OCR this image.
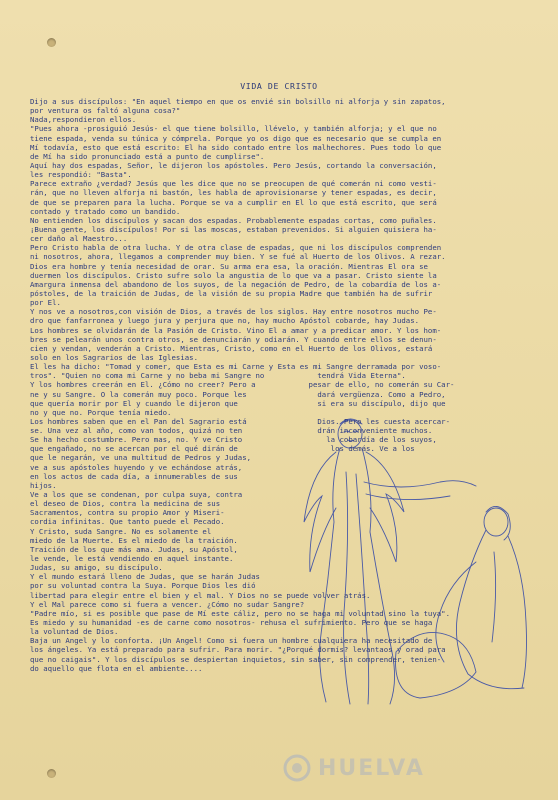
VIDA DE CRISTO
Dijo a sus discípulos: "En aquel tiempo en que os envié sin bolsillo ni alforja y sin zapatos,
por ventura os faltó alguna cosa?"
Nada,respondieron ellos.
"Pues ahora -prosiguió Jesús- el que tiene bolsillo, llévelo, y también alforja; y el que no
tiene espada, venda su túnica y cómprela. Porque yo os digo que es necesario que se cumpla en
Mí todavía, esto que está escrito: El ha sido contado entre los malhechores. Pues todo lo que
de Mí ha sido pronunciado está a punto de cumplirse".
Aquí hay dos espadas, Señor, le dijeron los apóstoles. Pero Jesús, cortando la conversación,
les respondió: "Basta".
Parece extraño ¿verdad? Jesús que les dice que no se preocupen de qué comerán ni como vesti-
rán, que no lleven alforja ni bastón, les habla de aprovisionarse y tener espadas, es decir,
de que se preparen para la lucha. Porque se va a cumplir en El lo que está escrito, que será
contado y tratado como un bandido.
No entienden los discípulos y sacan dos espadas. Probablemente espadas cortas, como puñales.
¡Buena gente, los discípulos! Por si las moscas, estaban prevenidos. Si alguien quisiera ha-
cer daño al Maestro...
Pero Cristo habla de otra lucha. Y de otra clase de espadas, que ni los discípulos comprenden
ni nosotros, ahora, llegamos a comprender muy bien. Y se fué al Huerto de los Olivos. A rezar.
Dios era hombre y tenía necesidad de orar. Su arma era esa, la oración. Mientras El ora se
duermen los discípulos. Cristo sufre solo la angustia de lo que va a pasar. Cristo siente la
Amargura inmensa del abandono de los suyos, de la negación de Pedro, de la cobardía de los a-
póstoles, de la traición de Judas, de la visión de su propia Madre que también ha de sufrir
por El.
Y nos ve a nosotros,con visión de Dios, a través de los siglos. Hay entre nosotros mucho Pe-
dro que fanfarronea y luego jura y perjura que no, hay mucho Apóstol cobarde, hay Judas.
Los hombres se olvidarán de la Pasión de Cristo. Vino El a amar y a predicar amor. Y los hom-
bres se pelearán unos contra otros, se denunciarán y odiarán. Y cuando entre ellos se denun-
cien y vendan, venderán a Cristo. Mientras, Cristo, como en el Huerto de los Olivos, estará
solo en los Sagrarios de las Iglesias.
El les ha dicho: "Tomad y comer, que Esta es mi Carne y Esta es mi Sangre derramada por voso-
tros". "Quien no coma mi Carne y no beba mi Sangre no            tendrá Vida Eterna".
Y los hombres creerán en El. ¿Cómo no creer? Pero a            pesar de ello, no comerán su Car-
ne y su Sangre. O la comerán muy poco. Porque les                dará vergüenza. Como a Pedro,
que quería morir por El y cuando le dijeron que                  si era su discípulo, dijo que
no y que no. Porque tenía miedo.
Los hombres saben que en el Pan del Sagrario está                Dios. Pero les cuesta acercar-
se. Una vez al año, como van todos, quizá no ten                 drán inconveniente muchos.
Se ha hecho costumbre. Pero mas, no. Y ve Cristo                   la cobardía de los suyos,
que engañado, no se acercan por el qué dirán de                     los demás. Ve a los
que le negarán, ve una multitud de Pedros y Judas,
ve a sus apóstoles huyendo y ve echándose atrás,
en los actos de cada día, a innumerables de sus
hijos.
Ve a los que se condenan, por culpa suya, contra
el deseo de Dios, contra la medicina de sus
Sacramentos, contra su propio Amor y Miseri-
cordia infinitas. Que tanto puede el Pecado.
Y Cristo, suda Sangre. No es solamente el
miedo de la Muerte. Es el miedo de la traición.
Traición de los que más ama. Judas, su Apóstol,
le vende, le está vendiendo en aquel instante.
Judas, su amigo, su discípulo.
Y el mundo estará lleno de Judas, que se harán Judas
por su voluntad contra la Suya. Porque Dios les dió
libertad para elegir entre el bien y el mal. Y Dios no se puede volver atrás.
Y el Mal parece como si fuera a vencer. ¿Cómo no sudar Sangre?
"Padre mío, si es posible que pase de Mí este cáliz, pero no se haga mi voluntad sino la tuya".
Es miedo y su humanidad -es de carne como nosotros- rehusa el sufrimiento. Pero que se haga
la voluntad de Dios.
Baja un Angel y lo conforta. ¡Un Angel! Como si fuera un hombre cualquiera ha necesitado de
los ángeles. Ya está preparado para sufrir. Para morir. "¿Porqué dormís? levantaos y orad para
que no caigais". Y los discípulos se despiertan inquietos, sin saber, sin comprender, tenien-
do aquello que flota en el ambiente....
HUELVA
